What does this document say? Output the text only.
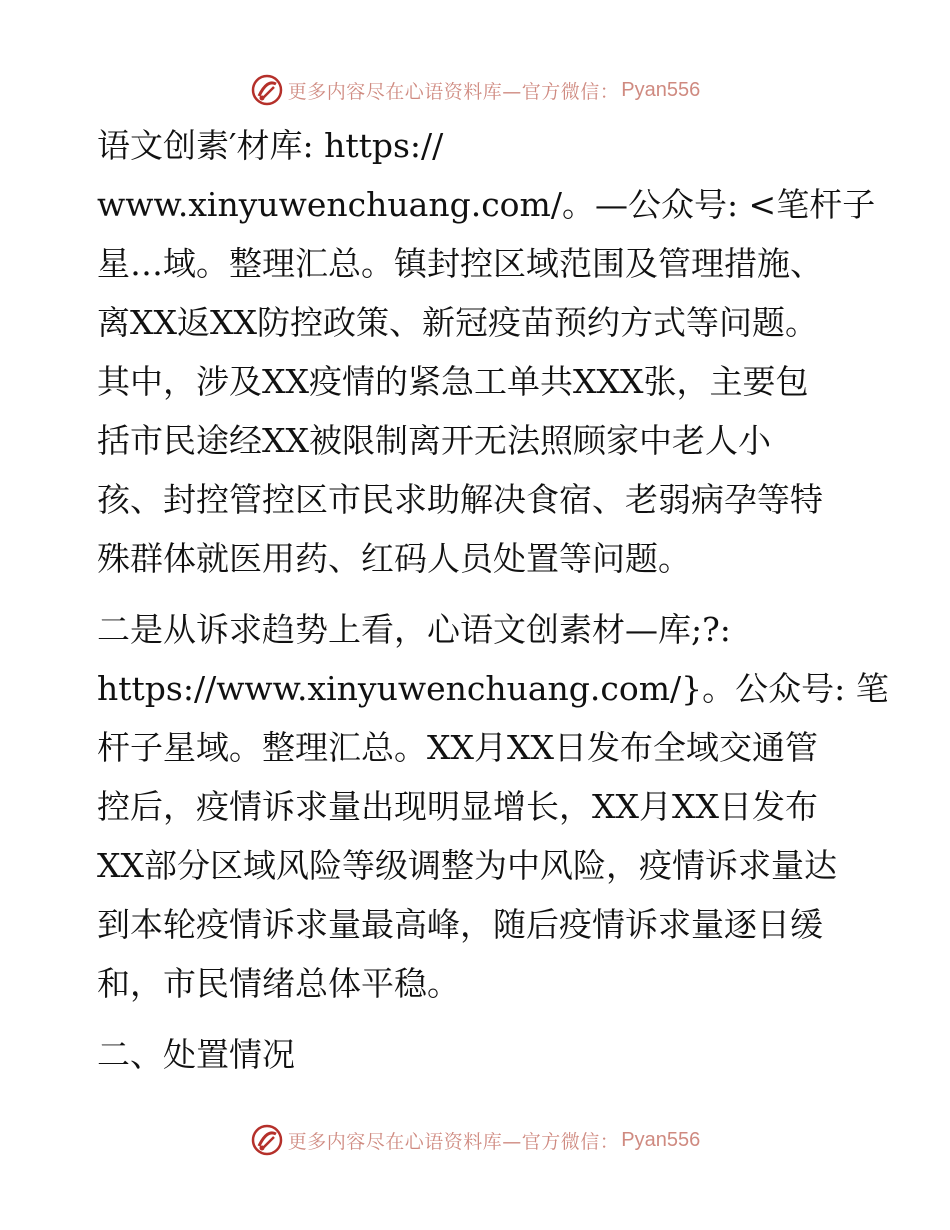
更多内容尽在心语资料库—官方微信： Pyan556
语文创素′材库: https://
www.xinyuwenchuang.com/。—公众号: <笔杆子
星…域。整理汇总。镇封控区域范围及管理措施、
离XX返XX防控政策、新冠疫苗预约方式等问题。
其中，涉及XX疫情的紧急工单共XXX张，主要包
括市民途经XX被限制离开无法照顾家中老人小
孩、封控管控区市民求助解决食宿、老弱病孕等特
殊群体就医用药、红码人员处置等问题。
二是从诉求趋势上看，心语文创素材—库;?:
https://www.xinyuwenchuang.com/}。公众号: 笔
杆子星域。整理汇总。XX月XX日发布全域交通管
控后，疫情诉求量出现明显增长，XX月XX日发布
XX部分区域风险等级调整为中风险，疫情诉求量达
到本轮疫情诉求量最高峰，随后疫情诉求量逐日缓
和，市民情绪总体平稳。
二、处置情况
更多内容尽在心语资料库—官方微信： Pyan556
